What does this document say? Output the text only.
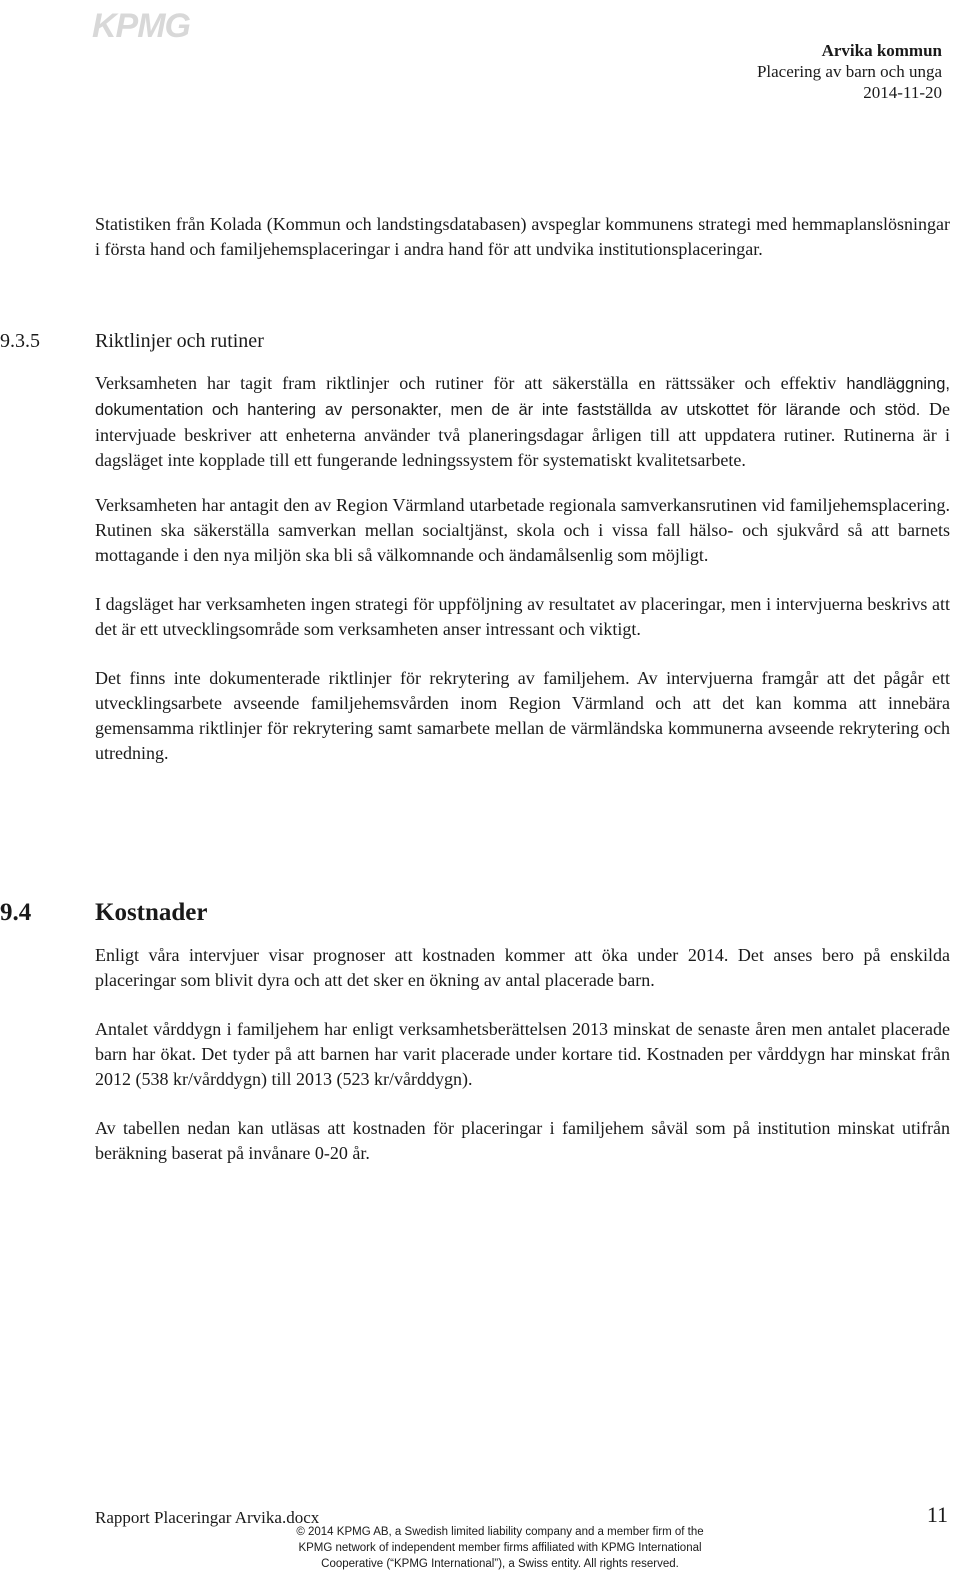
KPMG
Arvika kommun
Placering av barn och unga
2014-11-20

Statistiken från Kolada (Kommun och landstingsdatabasen) avspeglar kommunens strategi med hemmaplanslösningar i första hand och familjehemsplaceringar i andra hand för att undvika institutionsplaceringar.

9.3.5	Riktlinjer och rutiner

Verksamheten har tagit fram riktlinjer och rutiner för att säkerställa en rättssäker och effektiv handläggning, dokumentation och hantering av personakter, men de är inte fastställda av utskottet för lärande och stöd. De intervjuade beskriver att enheterna använder två planeringsdagar årligen till att uppdatera rutiner. Rutinerna är i dagsläget inte kopplade till ett fungerande ledningssystem för systematiskt kvalitetsarbete.

Verksamheten har antagit den av Region Värmland utarbetade regionala samverkansrutinen vid familjehemsplacering. Rutinen ska säkerställa samverkan mellan socialtjänst, skola och i vissa fall hälso- och sjukvård så att barnets mottagande i den nya miljön ska bli så välkomnande och ändamålsenlig som möjligt.

I dagsläget har verksamheten ingen strategi för uppföljning av resultatet av placeringar, men i intervjuerna beskrivs att det är ett utvecklingsområde som verksamheten anser intressant och viktigt.

Det finns inte dokumenterade riktlinjer för rekrytering av familjehem. Av intervjuerna framgår att det pågår ett utvecklingsarbete avseende familjehemsvården inom Region Värmland och att det kan komma att innebära gemensamma riktlinjer för rekrytering samt samarbete mellan de värmländska kommunerna avseende rekrytering och utredning.

9.4	Kostnader

Enligt våra intervjuer visar prognoser att kostnaden kommer att öka under 2014. Det anses bero på enskilda placeringar som blivit dyra och att det sker en ökning av antal placerade barn.

Antalet vårddygn i familjehem har enligt verksamhetsberättelsen 2013 minskat de senaste åren men antalet placerade barn har ökat. Det tyder på att barnen har varit placerade under kortare tid. Kostnaden per vårddygn har minskat från 2012 (538 kr/vårddygn) till 2013 (523 kr/vårddygn).

Av tabellen nedan kan utläsas att kostnaden för placeringar i familjehem såväl som på institution minskat utifrån beräkning baserat på invånare 0-20 år.

Rapport Placeringar Arvika.docx	11
© 2014 KPMG AB, a Swedish limited liability company and a member firm of the
KPMG network of independent member firms affiliated with KPMG International
Cooperative (“KPMG International”), a Swiss entity. All rights reserved.
